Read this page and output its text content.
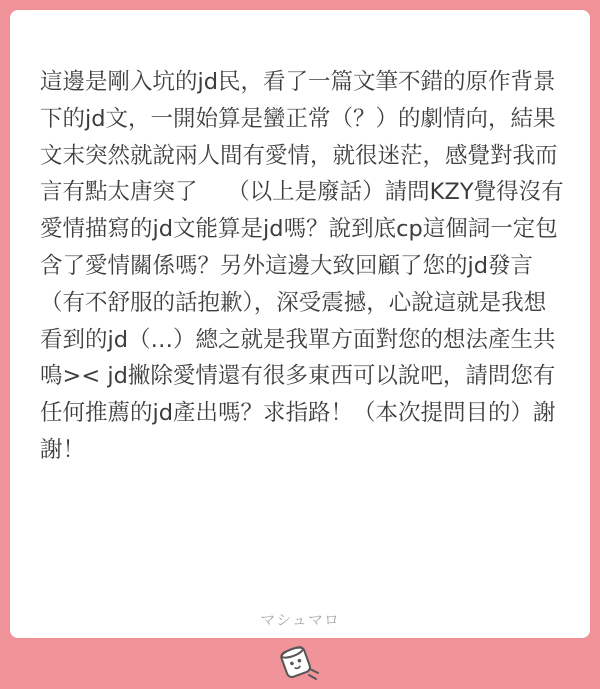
這邊是剛入坑的jd民，看了一篇文筆不錯的原作背景下的jd文，一開始算是蠻正常（？）的劇情向，結果文末突然就說兩人間有愛情，就很迷茫，感覺對我而言有點太唐突了　 （以上是廢話）請問KZY覺得沒有愛情描寫的jd文能算是jd嗎？說到底cp這個詞一定包含了愛情關係嗎？另外這邊大致回顧了您的jd發言（有不舒服的話抱歉），深受震撼，心說這就是我想看到的jd（…）總之就是我單方面對您的想法產生共鳴>< jd撇除愛情還有很多東西可以說吧，請問您有任何推薦的jd產出嗎？求指路！（本次提問目的）謝謝！

マシュマロ
